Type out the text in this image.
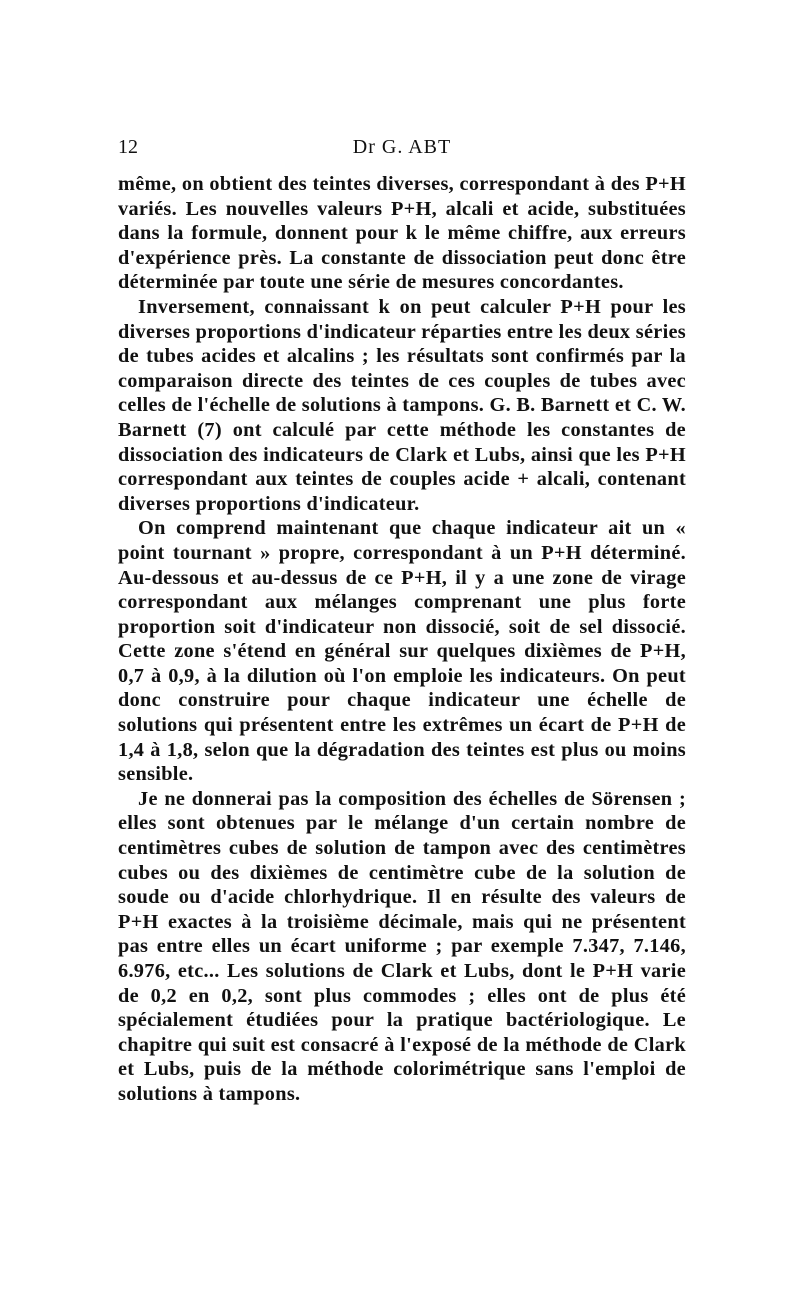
12	Dr G. ABT

même, on obtient des teintes diverses, correspondant à des P+H variés. Les nouvelles valeurs P+H, alcali et acide, substituées dans la formule, donnent pour k le même chiffre, aux erreurs d'expérience près. La constante de dissociation peut donc être déterminée par toute une série de mesures concordantes.

Inversement, connaissant k on peut calculer P+H pour les diverses proportions d'indicateur réparties entre les deux séries de tubes acides et alcalins ; les résultats sont confirmés par la comparaison directe des teintes de ces couples de tubes avec celles de l'échelle de solutions à tampons. G. B. Barnett et C. W. Barnett (7) ont calculé par cette méthode les constantes de dissociation des indicateurs de Clark et Lubs, ainsi que les P+H correspondant aux teintes de couples acide + alcali, contenant diverses proportions d'indicateur.

On comprend maintenant que chaque indicateur ait un « point tournant » propre, correspondant à un P+H déterminé. Au-dessous et au-dessus de ce P+H, il y a une zone de virage correspondant aux mélanges comprenant une plus forte proportion soit d'indicateur non dissocié, soit de sel dissocié. Cette zone s'étend en général sur quelques dixièmes de P+H, 0,7 à 0,9, à la dilution où l'on emploie les indicateurs. On peut donc construire pour chaque indicateur une échelle de solutions qui présentent entre les extrêmes un écart de P+H de 1,4 à 1,8, selon que la dégradation des teintes est plus ou moins sensible.

Je ne donnerai pas la composition des échelles de Sörensen ; elles sont obtenues par le mélange d'un certain nombre de centimètres cubes de solution de tampon avec des centimètres cubes ou des dixièmes de centimètre cube de la solution de soude ou d'acide chlorhydrique. Il en résulte des valeurs de P+H exactes à la troisième décimale, mais qui ne présentent pas entre elles un écart uniforme ; par exemple 7.347, 7.146, 6.976, etc... Les solutions de Clark et Lubs, dont le P+H varie de 0,2 en 0,2, sont plus commodes ; elles ont de plus été spécialement étudiées pour la pratique bactériologique. Le chapitre qui suit est consacré à l'exposé de la méthode de Clark et Lubs, puis de la méthode colorimétrique sans l'emploi de solutions à tampons.
